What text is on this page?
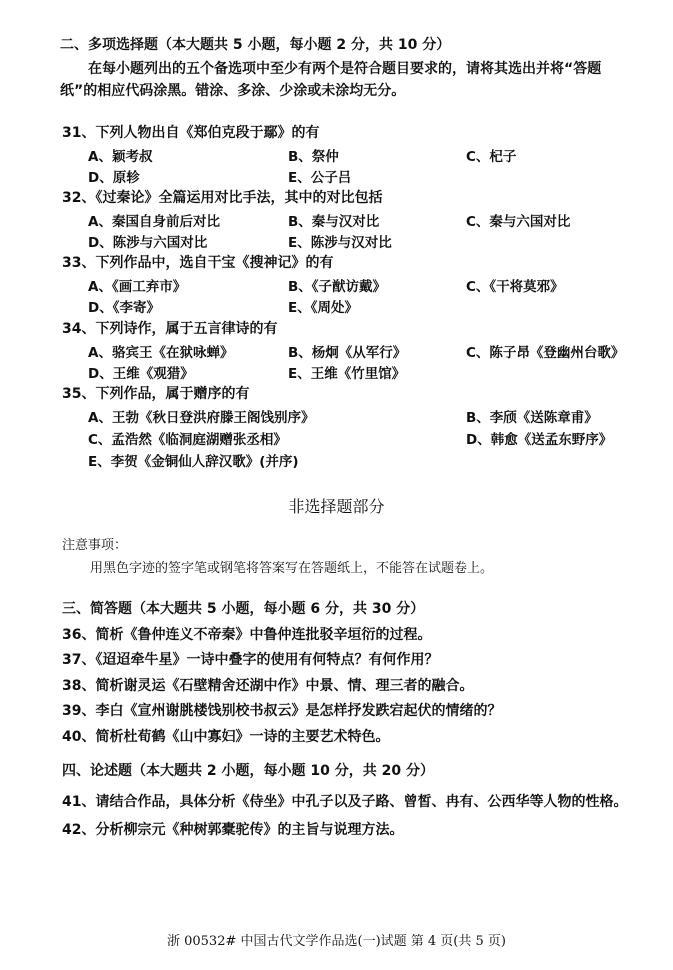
二、多项选择题（本大题共 5 小题，每小题 2 分，共 10 分）
在每小题列出的五个备选项中至少有两个是符合题目要求的，请将其选出并将“答题
纸”的相应代码涂黑。错涂、多涂、少涂或未涂均无分。
31、下列人物出自《郑伯克段于鄢》的有
A、颖考叔	B、祭仲	C、杞子
D、原轸	E、公子吕
32、《过秦论》全篇运用对比手法，其中的对比包括
A、秦国自身前后对比	B、秦与汉对比	C、秦与六国对比
D、陈涉与六国对比	E、陈涉与汉对比
33、下列作品中，选自干宝《搜神记》的有
A、《画工弃市》	B、《子猷访戴》	C、《干将莫邪》
D、《李寄》	E、《周处》
34、下列诗作，属于五言律诗的有
A、骆宾王《在狱咏蝉》	B、杨炯《从军行》	C、陈子昂《登幽州台歌》
D、王维《观猎》	E、王维《竹里馆》
35、下列作品，属于赠序的有
A、王勃《秋日登洪府滕王阁饯别序》	B、李颀《送陈章甫》
C、孟浩然《临洞庭湖赠张丞相》	D、韩愈《送孟东野序》
E、李贺《金铜仙人辞汉歌》(并序)
非选择题部分
注意事项：
用黑色字迹的签字笔或钢笔将答案写在答题纸上，不能答在试题卷上。
三、简答题（本大题共 5 小题，每小题 6 分，共 30 分）
36、简析《鲁仲连义不帝秦》中鲁仲连批驳辛垣衍的过程。
37、《迢迢牵牛星》一诗中叠字的使用有何特点？有何作用？
38、简析谢灵运《石壁精舍还湖中作》中景、情、理三者的融合。
39、李白《宣州谢朓楼饯别校书叔云》是怎样抒发跌宕起伏的情绪的？
40、简析杜荀鹤《山中寡妇》一诗的主要艺术特色。
四、论述题（本大题共 2 小题，每小题 10 分，共 20 分）
41、请结合作品，具体分析《侍坐》中孔子以及子路、曾皙、冉有、公西华等人物的性格。
42、分析柳宗元《种树郭橐驼传》的主旨与说理方法。
浙 00532# 中国古代文学作品选(一)试题 第 4 页(共 5 页)
